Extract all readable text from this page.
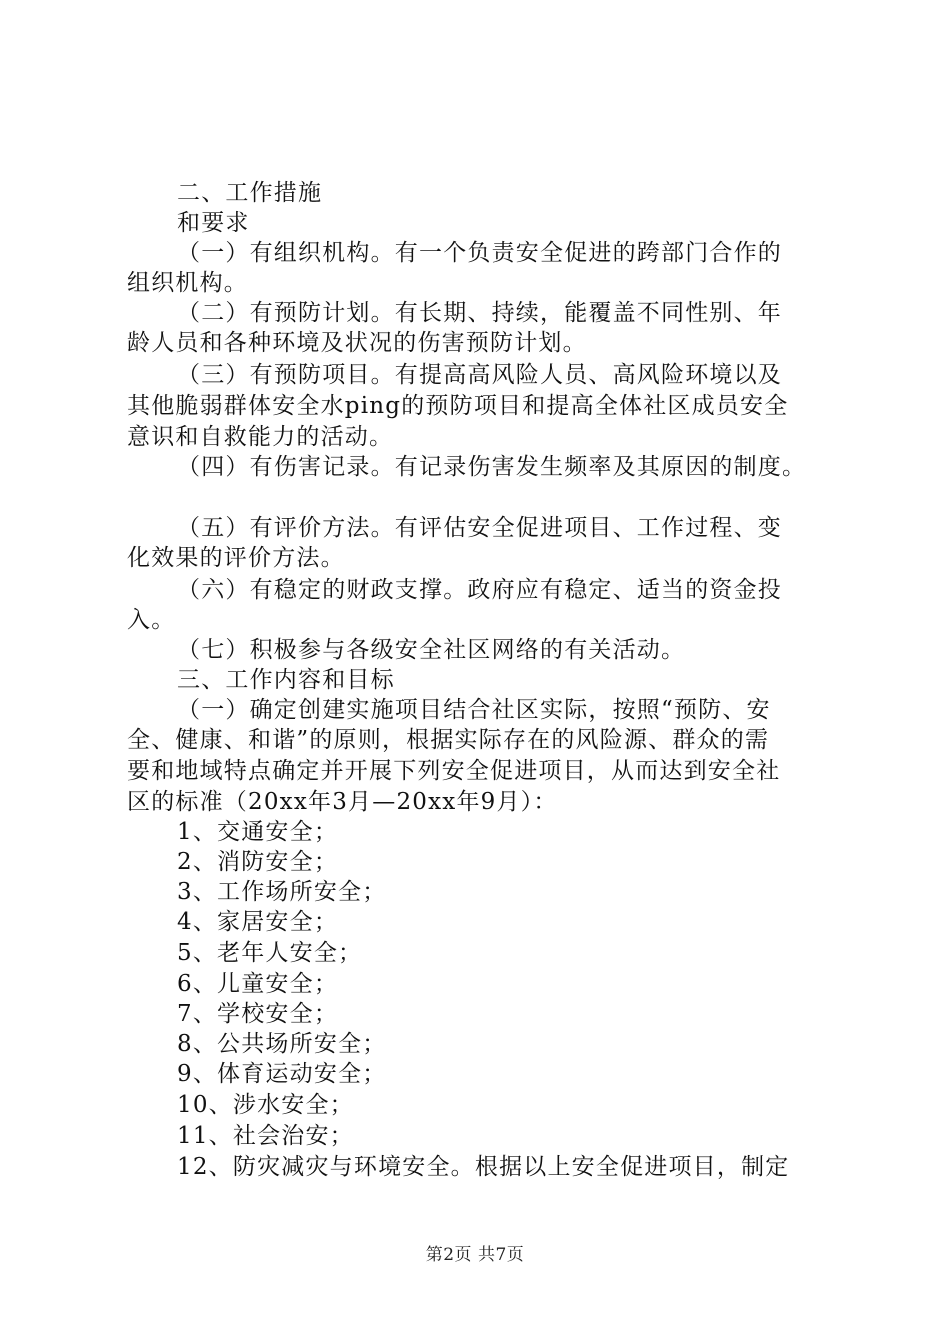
二、工作措施
和要求
（一）有组织机构。有一个负责安全促进的跨部门合作的
组织机构。
（二）有预防计划。有长期、持续，能覆盖不同性别、年
龄人员和各种环境及状况的伤害预防计划。
（三）有预防项目。有提高高风险人员、高风险环境以及
其他脆弱群体安全水ping的预防项目和提高全体社区成员安全
意识和自救能力的活动。
（四）有伤害记录。有记录伤害发生频率及其原因的制度。
（五）有评价方法。有评估安全促进项目、工作过程、变
化效果的评价方法。
（六）有稳定的财政支撑。政府应有稳定、适当的资金投
入。
（七）积极参与各级安全社区网络的有关活动。
三、工作内容和目标
（一）确定创建实施项目结合社区实际，按照“预防、安
全、健康、和谐”的原则，根据实际存在的风险源、群众的需
要和地域特点确定并开展下列安全促进项目，从而达到安全社
区的标准（20xx年3月—20xx年9月）：
1、交通安全；
2、消防安全；
3、工作场所安全；
4、家居安全；
5、老年人安全；
6、儿童安全；
7、学校安全；
8、公共场所安全；
9、体育运动安全；
10、涉水安全；
11、社会治安；
12、防灾减灾与环境安全。根据以上安全促进项目，制定
第2页 共7页
